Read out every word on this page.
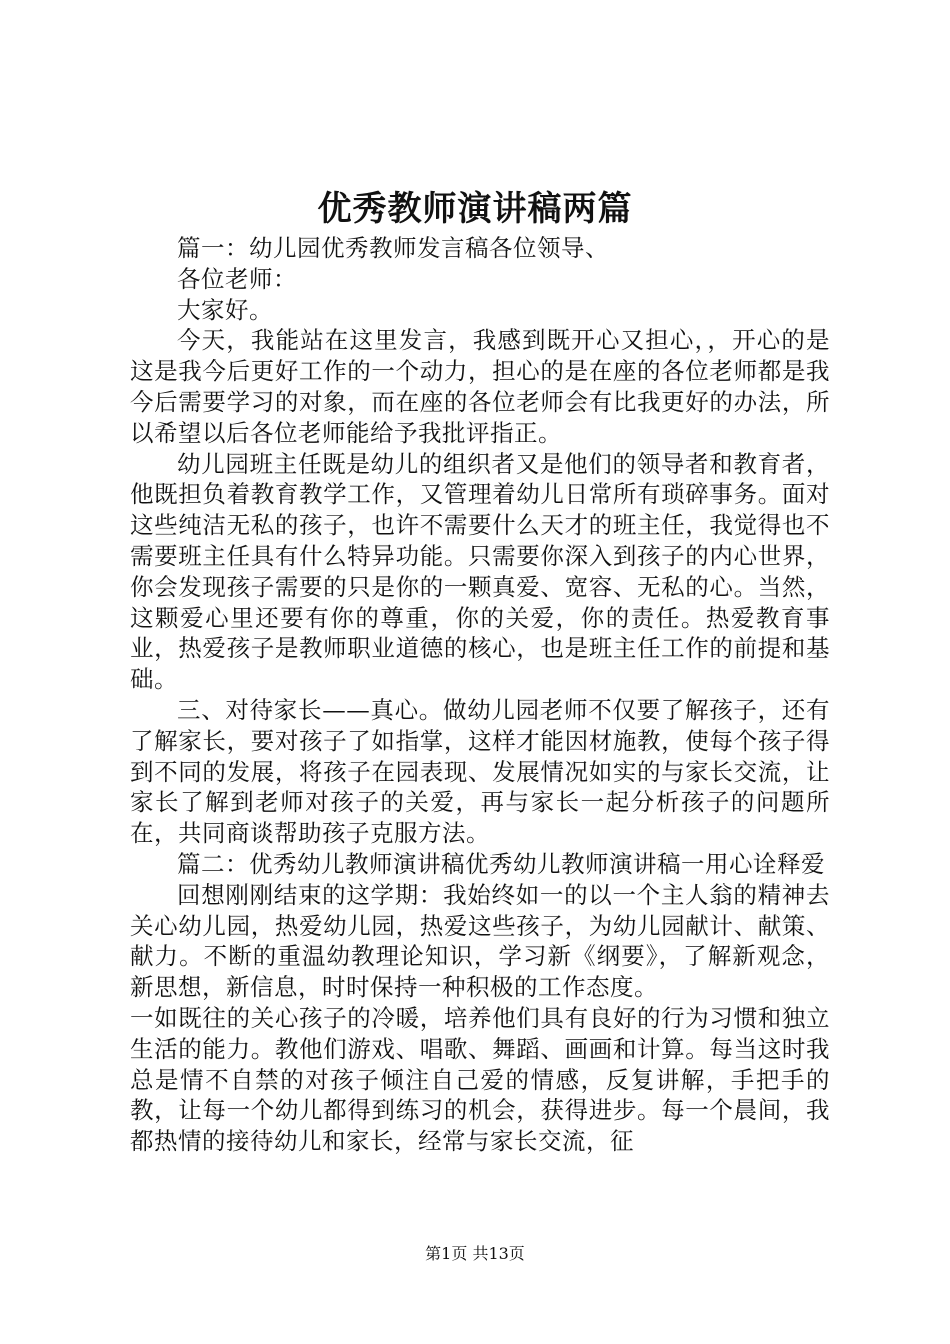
优秀教师演讲稿两篇

篇一：幼儿园优秀教师发言稿各位领导、

各位老师：

大家好。

今天，我能站在这里发言，我感到既开心又担心，，开心的是这是我今后更好工作的一个动力，担心的是在座的各位老师都是我今后需要学习的对象，而在座的各位老师会有比我更好的办法，所以希望以后各位老师能给予我批评指正。

幼儿园班主任既是幼儿的组织者又是他们的领导者和教育者，他既担负着教育教学工作，又管理着幼儿日常所有琐碎事务。面对这些纯洁无私的孩子，也许不需要什么天才的班主任，我觉得也不需要班主任具有什么特异功能。只需要你深入到孩子的内心世界，你会发现孩子需要的只是你的一颗真爱、宽容、无私的心。当然，这颗爱心里还要有你的尊重，你的关爱，你的责任。热爱教育事业，热爱孩子是教师职业道德的核心，也是班主任工作的前提和基础。

三、对待家长——真心。做幼儿园老师不仅要了解孩子，还有了解家长，要对孩子了如指掌，这样才能因材施教，使每个孩子得到不同的发展，将孩子在园表现、发展情况如实的与家长交流，让家长了解到老师对孩子的关爱，再与家长一起分析孩子的问题所在，共同商谈帮助孩子克服方法。

篇二：优秀幼儿教师演讲稿优秀幼儿教师演讲稿一用心诠释爱

回想刚刚结束的这学期：我始终如一的以一个主人翁的精神去关心幼儿园，热爱幼儿园，热爱这些孩子，为幼儿园献计、献策、献力。不断的重温幼教理论知识，学习新《纲要》，了解新观念，新思想，新信息，时时保持一种积极的工作态度。

一如既往的关心孩子的冷暖，培养他们具有良好的行为习惯和独立生活的能力。教他们游戏、唱歌、舞蹈、画画和计算。每当这时我总是情不自禁的对孩子倾注自己爱的情感，反复讲解，手把手的教，让每一个幼儿都得到练习的机会，获得进步。每一个晨间，我都热情的接待幼儿和家长，经常与家长交流，征

第1页 共13页
